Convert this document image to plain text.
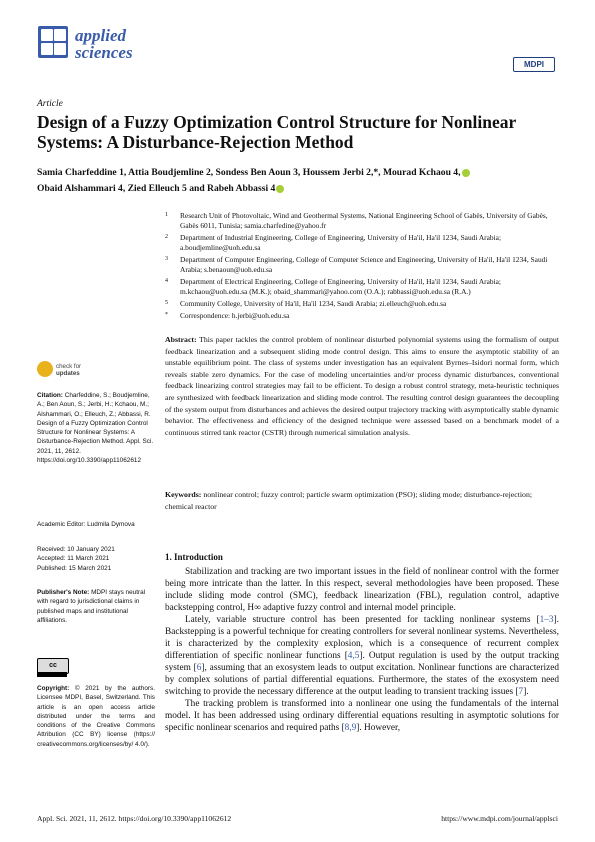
applied
sciences
MDPI
Article
Design of a Fuzzy Optimization Control Structure for Nonlinear Systems: A Disturbance-Rejection Method
Samia Charfeddine 1, Attia Boudjemline 2, Sondess Ben Aoun 3, Houssem Jerbi 2,*, Mourad Kchaou 4,
Obaid Alshammari 4, Zied Elleuch 5 and Rabeh Abbassi 4
1 Research Unit of Photovoltaic, Wind and Geothermal Systems, National Engineering School of Gabès, University of Gabès, Gabès 6011, Tunisia; samia.charfedine@yahoo.fr
2 Department of Industrial Engineering, College of Engineering, University of Ha'il, Ha'il 1234, Saudi Arabia; a.boudjemline@uoh.edu.sa
3 Department of Computer Engineering, College of Computer Science and Engineering, University of Ha'il, Ha'il 1234, Saudi Arabia; s.benaoun@uoh.edu.sa
4 Department of Electrical Engineering, College of Engineering, University of Ha'il, Ha'il 1234, Saudi Arabia; m.kchaou@uoh.edu.sa (M.K.); obaid_shammari@yahoo.com (O.A.); rabbassi@uoh.edu.sa (R.A.)
5 Community College, University of Ha'il, Ha'il 1234, Saudi Arabia; zi.elleuch@uoh.edu.sa
* Correspondence: h.jerbi@uoh.edu.sa
Abstract: This paper tackles the control problem of nonlinear disturbed polynomial systems using the formalism of output feedback linearization and a subsequent sliding mode control design. This aims to ensure the asymptotic stability of an unstable equilibrium point. The class of systems under investigation has an equivalent Byrnes–Isidori normal form, which reveals stable zero dynamics. For the case of modeling uncertainties and/or process dynamic disturbances, conventional feedback linearizing control strategies may fail to be efficient. To design a robust control strategy, meta-heuristic techniques are synthesized with feedback linearization and sliding mode control. The resulting control design guarantees the decoupling of the system output from disturbances and achieves the desired output trajectory tracking with asymptotically stable dynamic behavior. The effectiveness and efficiency of the designed technique were assessed based on a benchmark model of a continuous stirred tank reactor (CSTR) through numerical simulation analysis.
Keywords: nonlinear control; fuzzy control; particle swarm optimization (PSO); sliding mode; disturbance-rejection; chemical reactor
check for
updates
Citation: Charfeddine, S.; Boudjemline, A.; Ben Aoun, S.; Jerbi, H.; Kchaou, M.; Alshammari, O.; Elleuch, Z.; Abbassi, R. Design of a Fuzzy Optimization Control Structure for Nonlinear Systems: A Disturbance-Rejection Method. Appl. Sci. 2021, 11, 2612. https://doi.org/10.3390/app11062612
Academic Editor: Ludmila Dymova
Received: 10 January 2021
Accepted: 11 March 2021
Published: 15 March 2021
Publisher's Note: MDPI stays neutral with regard to jurisdictional claims in published maps and institutional affiliations.
cc
Copyright: © 2021 by the authors. Licensee MDPI, Basel, Switzerland. This article is an open access article distributed under the terms and conditions of the Creative Commons Attribution (CC BY) license (https:// creativecommons.org/licenses/by/ 4.0/).
1. Introduction

Stabilization and tracking are two important issues in the field of nonlinear control with the former being more intricate than the latter. In this respect, several methodologies have been proposed. These include sliding mode control (SMC), feedback linearization (FBL), regulation control, adaptive backstepping control, H∞ adaptive fuzzy control and internal model principle.

Lately, variable structure control has been presented for tackling nonlinear systems [1–3]. Backstepping is a powerful technique for creating controllers for several nonlinear systems. Nevertheless, it is characterized by the complexity explosion, which is a consequence of recurrent complex differentiation of specific nonlinear functions [4,5]. Output regulation is used by the output tracking system [6], assuming that an exosystem leads to output excitation. Nonlinear functions are characterized by complex solutions of partial differential equations. Furthermore, the states of the exosystem need switching to provide the necessary difference at the output leading to transient tracking issues [7].

The tracking problem is transformed into a nonlinear one using the fundamentals of the internal model. It has been addressed using ordinary differential equations resulting in asymptotic solutions for specific nonlinear scenarios and required paths [8,9]. However,

Appl. Sci. 2021, 11, 2612. https://doi.org/10.3390/app11062612	https://www.mdpi.com/journal/applsci
